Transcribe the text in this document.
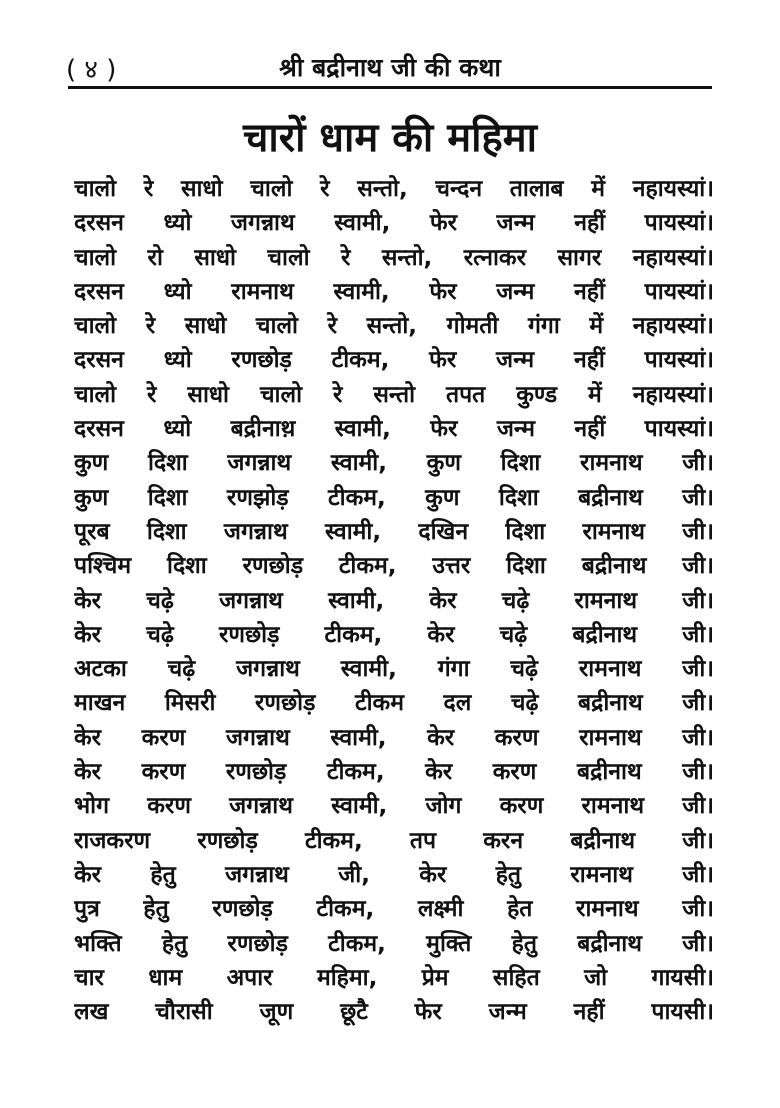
( ४ )	श्री बद्रीनाथ जी की कथा
चारों धाम की महिमा
चालो रे साधो चालो रे सन्तो, चन्दन तालाब में नहायस्यां।
दरसन ध्यो जगन्नाथ स्वामी, फेर जन्म नहीं पायस्यां।
चालो रो साधो चालो रे सन्तो, रत्नाकर सागर नहायस्यां।
दरसन ध्यो रामनाथ स्वामी, फेर जन्म नहीं पायस्यां।
चालो रे साधो चालो रे सन्तो, गोमती गंगा में नहायस्यां।
दरसन ध्यो रणछोड़ टीकम, फेर जन्म नहीं पायस्यां।
चालो रे साधो चालो रे सन्तो तपत कुण्ड में नहायस्यां।
दरसन ध्यो बद्रीनाथ़ स्वामी, फेर जन्म नहीं पायस्यां।
कुण दिशा जगन्नाथ स्वामी, कुण दिशा रामनाथ जी।
कुण दिशा रणझोड़ टीकम, कुण दिशा बद्रीनाथ जी।
पूरब दिशा जगन्नाथ स्वामी, दखिन दिशा रामनाथ जी।
पश्चिम दिशा रणछोड़ टीकम, उत्तर दिशा बद्रीनाथ जी।
केर चढ़े जगन्नाथ स्वामी, केर चढ़े रामनाथ जी।
केर चढ़े रणछोड़ टीकम, केर चढ़े बद्रीनाथ जी।
अटका चढ़े जगन्नाथ स्वामी, गंगा चढ़े रामनाथ जी।
माखन मिसरी रणछोड़ टीकम दल चढ़े बद्रीनाथ जी।
केर करण जगन्नाथ स्वामी, केर करण रामनाथ जी।
केर करण रणछोड़ टीकम, केर करण बद्रीनाथ जी।
भोग करण जगन्नाथ स्वामी, जोग करण रामनाथ जी।
राजकरण रणछोड़ टीकम, तप करन बद्रीनाथ जी।
केर हेतु जगन्नाथ जी, केर हेतु रामनाथ जी।
पुत्र हेतु रणछोड़ टीकम, लक्ष्मी हेत रामनाथ जी।
भक्ति हेतु रणछोड़ टीकम, मुक्ति हेतु बद्रीनाथ जी।
चार धाम अपार महिमा, प्रेम सहित जो गायसी।
लख चौरासी जूण छूटै फेर जन्म नहीं पायसी।
